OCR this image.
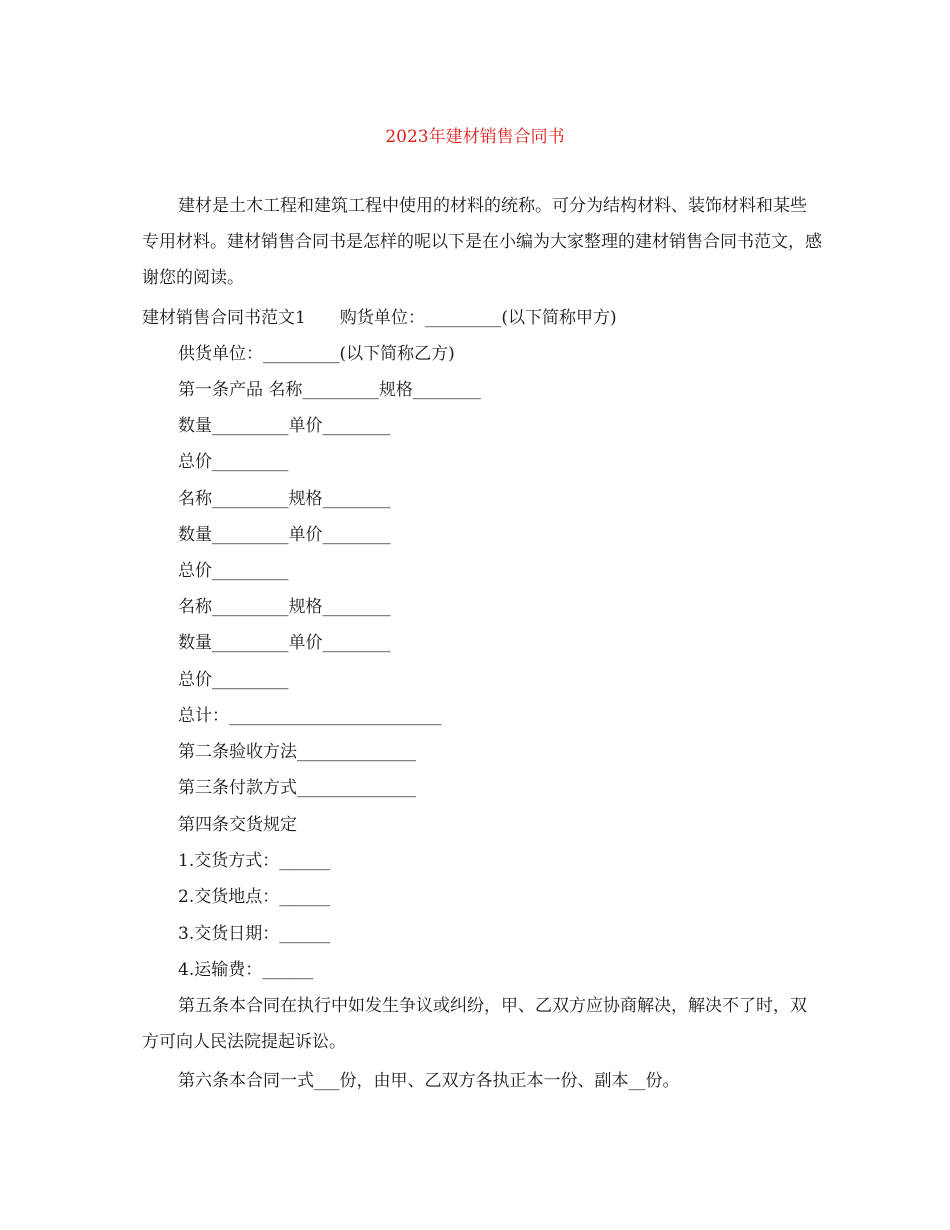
2023年建材销售合同书

建材是土木工程和建筑工程中使用的材料的统称。可分为结构材料、装饰材料和某些专用材料。建材销售合同书是怎样的呢以下是在小编为大家整理的建材销售合同书范文，感谢您的阅读。

建材销售合同书范文1　　购货单位：_________(以下简称甲方)

供货单位：_________(以下简称乙方)

第一条产品 名称_________规格________

数量_________单价________

总价_________

名称_________规格________

数量_________单价________

总价_________

名称_________规格________

数量_________单价________

总价_________

总计：_________________________

第二条验收方法______________

第三条付款方式______________

第四条交货规定

1.交货方式：______

2.交货地点：______

3.交货日期：______

4.运输费：______

第五条本合同在执行中如发生争议或纠纷，甲、乙双方应协商解决，解决不了时，双方可向人民法院提起诉讼。

第六条本合同一式___份，由甲、乙双方各执正本一份、副本__份。
